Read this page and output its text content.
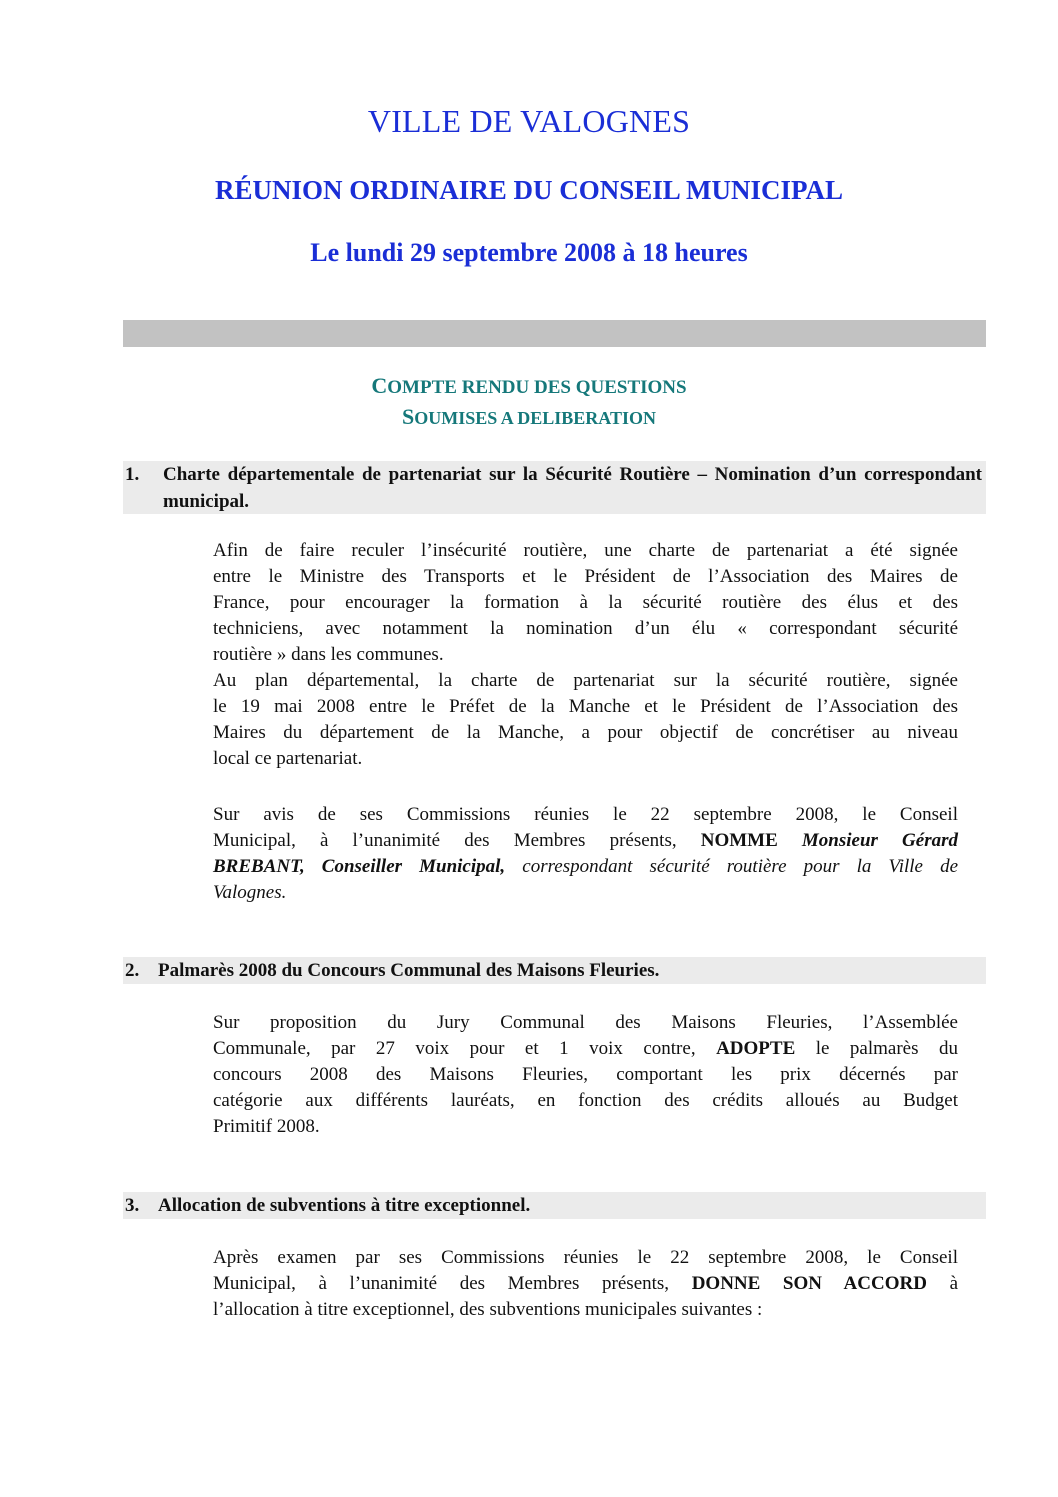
VILLE DE VALOGNES
RÉUNION ORDINAIRE DU CONSEIL MUNICIPAL
Le lundi 29 septembre 2008 à 18 heures
COMPTE RENDU DES QUESTIONS
SOUMISES A DELIBERATION
1. Charte départementale de partenariat sur la Sécurité Routière – Nomination d’un correspondant municipal.
Afin de faire reculer l’insécurité routière, une charte de partenariat a été signée
entre le Ministre des Transports et le Président de l’Association des Maires de
France, pour encourager la formation à la sécurité routière des élus et des
techniciens, avec notamment la nomination d’un élu « correspondant sécurité
routière » dans les communes.
Au plan départemental, la charte de partenariat sur la sécurité routière, signée
le 19 mai 2008 entre le Préfet de la Manche et le Président de l’Association des
Maires du département de la Manche, a pour objectif de concrétiser au niveau
local ce partenariat.
Sur avis de ses Commissions réunies le 22 septembre 2008, le Conseil
Municipal, à l’unanimité des Membres présents, NOMME Monsieur Gérard
BREBANT, Conseiller Municipal, correspondant sécurité routière pour la Ville de
Valognes.
2. Palmarès 2008 du Concours Communal des Maisons Fleuries.
Sur proposition du Jury Communal des Maisons Fleuries, l’Assemblée
Communale, par 27 voix pour et 1 voix contre, ADOPTE le palmarès du
concours 2008 des Maisons Fleuries, comportant les prix décernés par
catégorie aux différents lauréats, en fonction des crédits alloués au Budget
Primitif 2008.
3. Allocation de subventions à titre exceptionnel.
Après examen par ses Commissions réunies le 22 septembre 2008, le Conseil
Municipal, à l’unanimité des Membres présents, DONNE SON ACCORD à
l’allocation à titre exceptionnel, des subventions municipales suivantes :
